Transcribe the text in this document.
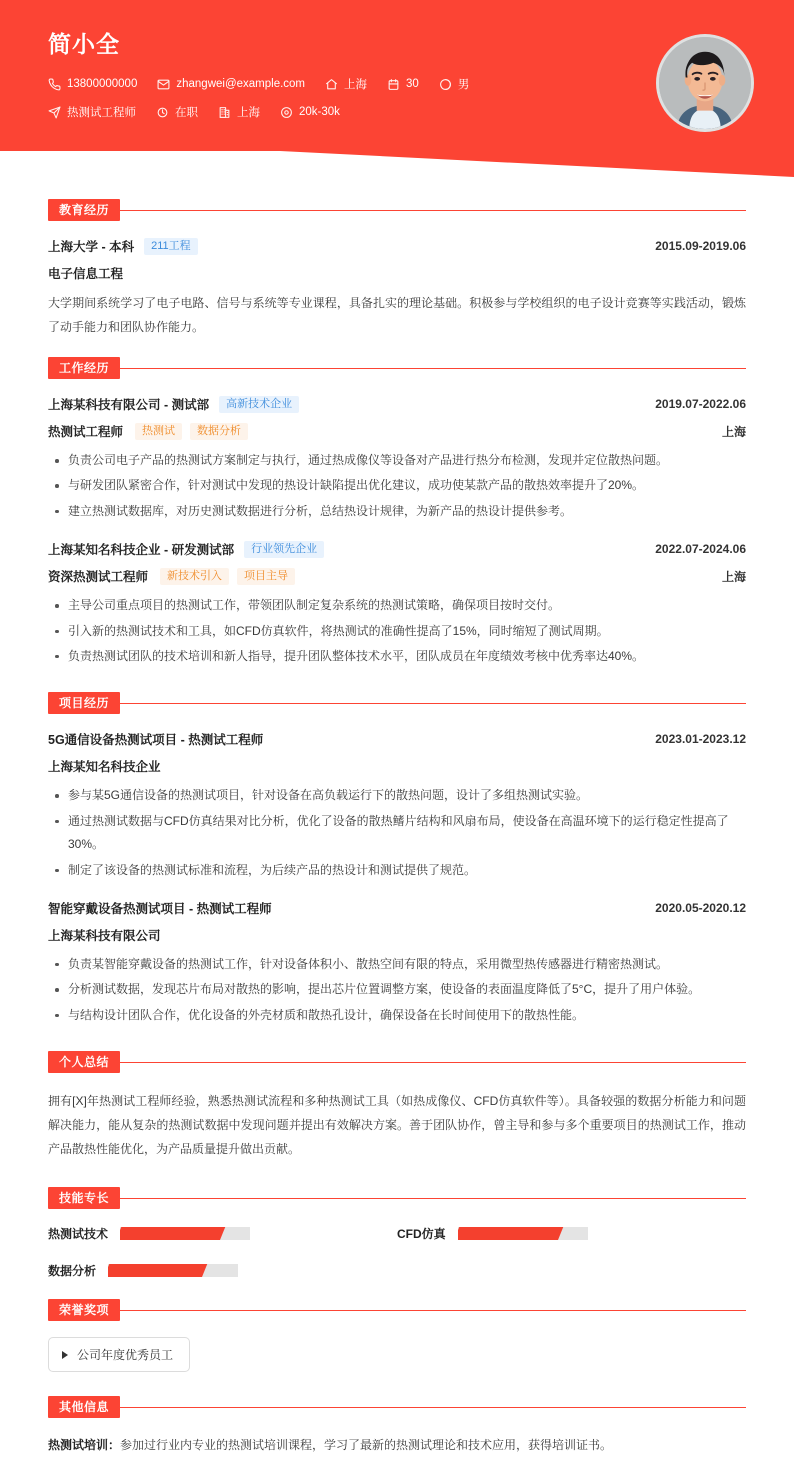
简小全
13800000000	zhangwei@example.com	上海	30	男
热测试工程师	在职	上海	20k-30k
教育经历
上海大学 - 本科	211工程	2015.09-2019.06
电子信息工程
大学期间系统学习了电子电路、信号与系统等专业课程，具备扎实的理论基础。积极参与学校组织的电子设计竞赛等实践活动，锻炼了动手能力和团队协作能力。
工作经历
上海某科技有限公司 - 测试部	高新技术企业	2019.07-2022.06
热测试工程师	热测试	数据分析	上海
负责公司电子产品的热测试方案制定与执行，通过热成像仪等设备对产品进行热分布检测，发现并定位散热问题。
与研发团队紧密合作，针对测试中发现的热设计缺陷提出优化建议，成功使某款产品的散热效率提升了20%。
建立热测试数据库，对历史测试数据进行分析，总结热设计规律，为新产品的热设计提供参考。
上海某知名科技企业 - 研发测试部	行业领先企业	2022.07-2024.06
资深热测试工程师	新技术引入	项目主导	上海
主导公司重点项目的热测试工作，带领团队制定复杂系统的热测试策略，确保项目按时交付。
引入新的热测试技术和工具，如CFD仿真软件，将热测试的准确性提高了15%，同时缩短了测试周期。
负责热测试团队的技术培训和新人指导，提升团队整体技术水平，团队成员在年度绩效考核中优秀率达40%。
项目经历
5G通信设备热测试项目 - 热测试工程师	2023.01-2023.12
上海某知名科技企业
参与某5G通信设备的热测试项目，针对设备在高负载运行下的散热问题，设计了多组热测试实验。
通过热测试数据与CFD仿真结果对比分析，优化了设备的散热鳍片结构和风扇布局，使设备在高温环境下的运行稳定性提高了30%。
制定了该设备的热测试标准和流程，为后续产品的热设计和测试提供了规范。
智能穿戴设备热测试项目 - 热测试工程师	2020.05-2020.12
上海某科技有限公司
负责某智能穿戴设备的热测试工作，针对设备体积小、散热空间有限的特点，采用微型热传感器进行精密热测试。
分析测试数据，发现芯片布局对散热的影响，提出芯片位置调整方案，使设备的表面温度降低了5°C，提升了用户体验。
与结构设计团队合作，优化设备的外壳材质和散热孔设计，确保设备在长时间使用下的散热性能。
个人总结
拥有[X]年热测试工程师经验，熟悉热测试流程和多种热测试工具（如热成像仪、CFD仿真软件等）。具备较强的数据分析能力和问题解决能力，能从复杂的热测试数据中发现问题并提出有效解决方案。善于团队协作，曾主导和参与多个重要项目的热测试工作，推动产品散热性能优化，为产品质量提升做出贡献。
技能专长
热测试技术	CFD仿真
数据分析
荣誉奖项
公司年度优秀员工
其他信息
热测试培训：参加过行业内专业的热测试培训课程，学习了最新的热测试理论和技术应用，获得培训证书。
